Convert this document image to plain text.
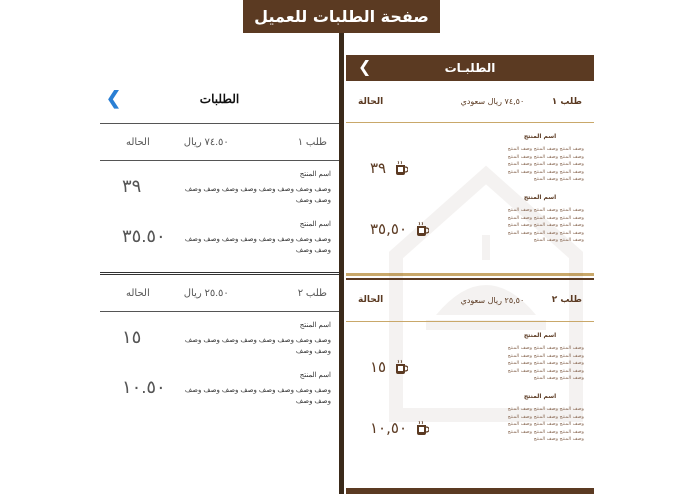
صفحة الطلبات للعميل
الطلبات
❮
طلب ١
٧٤.٥٠ ريال
الحاله
اسم المنتج
وصف وصف وصف وصف وصف وصف وصف وصف وصف وصف
٣٩
اسم المنتج
وصف وصف وصف وصف وصف وصف وصف وصف وصف وصف
٣٥.٥٠
طلب ٢
٢٥.٥٠ ريال
الحاله
اسم المنتج
وصف وصف وصف وصف وصف وصف وصف وصف وصف وصف
١٥
اسم المنتج
وصف وصف وصف وصف وصف وصف وصف وصف وصف وصف
١٠.٥٠
الطلبـات
❮
طلب ١
٧٤,٥٠ ريال سعودي
الحالة
اسم المنتج
وصف المنتج وصف المنتج وصف المنتج وصف المنتج وصف المنتج وصف المنتج وصف المنتج وصف المنتج وصف المنتج وصف المنتج وصف المنتج وصف المنتج وصف المنتج وصف المنتج
٣٩
اسم المنتج
وصف المنتج وصف المنتج وصف المنتج وصف المنتج وصف المنتج وصف المنتج وصف المنتج وصف المنتج وصف المنتج وصف المنتج وصف المنتج وصف المنتج وصف المنتج وصف المنتج
٣٥,٥٠
طلب ٢
٢٥,٥٠ ريال سعودي
الحالة
اسم المنتج
وصف المنتج وصف المنتج وصف المنتج وصف المنتج وصف المنتج وصف المنتج وصف المنتج وصف المنتج وصف المنتج وصف المنتج وصف المنتج وصف المنتج وصف المنتج وصف المنتج
١٥
اسم المنتج
وصف المنتج وصف المنتج وصف المنتج وصف المنتج وصف المنتج وصف المنتج وصف المنتج وصف المنتج وصف المنتج وصف المنتج وصف المنتج وصف المنتج وصف المنتج وصف المنتج
١٠,٥٠
